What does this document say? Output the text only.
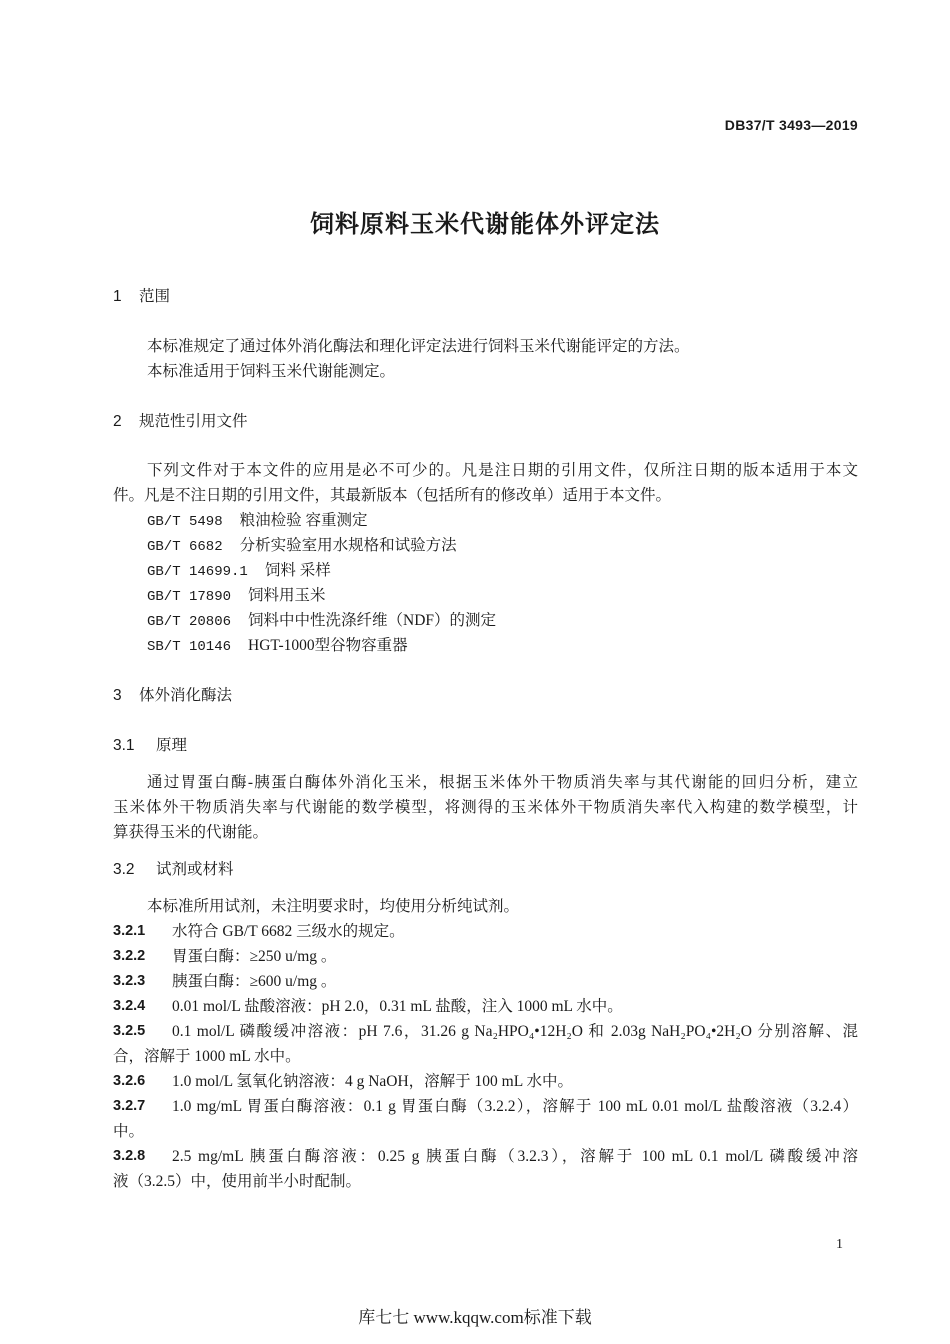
DB37/T 3493—2019
饲料原料玉米代谢能体外评定法
1 范围
本标准规定了通过体外消化酶法和理化评定法进行饲料玉米代谢能评定的方法。
本标准适用于饲料玉米代谢能测定。
2 规范性引用文件
下列文件对于本文件的应用是必不可少的。凡是注日期的引用文件，仅所注日期的版本适用于本文
件。凡是不注日期的引用文件，其最新版本（包括所有的修改单）适用于本文件。
GB/T 5498 粮油检验 容重测定
GB/T 6682 分析实验室用水规格和试验方法
GB/T 14699.1 饲料 采样
GB/T 17890 饲料用玉米
GB/T 20806 饲料中中性洗涤纤维（NDF）的测定
SB/T 10146 HGT-1000型谷物容重器
3 体外消化酶法
3.1 原理
通过胃蛋白酶-胰蛋白酶体外消化玉米，根据玉米体外干物质消失率与其代谢能的回归分析，建立
玉米体外干物质消失率与代谢能的数学模型，将测得的玉米体外干物质消失率代入构建的数学模型，计
算获得玉米的代谢能。
3.2 试剂或材料
本标准所用试剂，未注明要求时，均使用分析纯试剂。
3.2.1 水符合 GB/T 6682 三级水的规定。
3.2.2 胃蛋白酶：≥250 u/mg 。
3.2.3 胰蛋白酶：≥600 u/mg 。
3.2.4 0.01 mol/L 盐酸溶液：pH 2.0，0.31 mL 盐酸，注入 1000 mL 水中。
3.2.5 0.1 mol/L 磷酸缓冲溶液：pH 7.6，31.26 g Na₂HPO₄•12H₂O 和 2.03g NaH₂PO₄•2H₂O 分别溶解、混
合，溶解于 1000 mL 水中。
3.2.6 1.0 mol/L 氢氧化钠溶液：4 g NaOH，溶解于 100 mL 水中。
3.2.7 1.0 mg/mL 胃蛋白酶溶液：0.1 g 胃蛋白酶（3.2.2），溶解于 100 mL 0.01 mol/L 盐酸溶液（3.2.4）
中。
3.2.8 2.5 mg/mL 胰蛋白酶溶液：0.25 g 胰蛋白酶（3.2.3），溶解于 100 mL 0.1 mol/L 磷酸缓冲溶
液（3.2.5）中，使用前半小时配制。
1
库七七 www.kqqw.com标准下载
